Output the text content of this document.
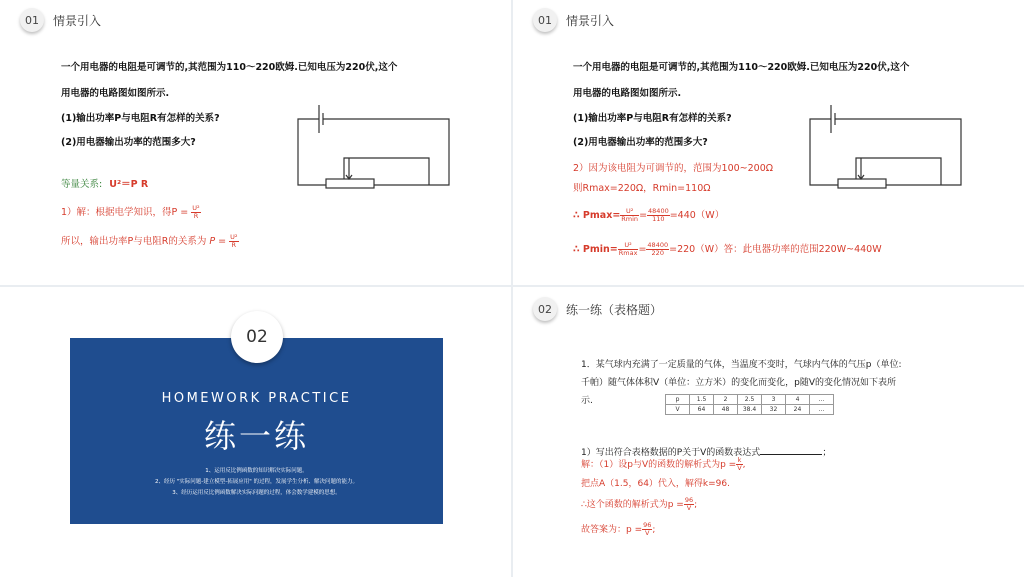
01	情景引入
一个用电器的电阻是可调节的,其范围为110～220欧姆.已知电压为220伏,这个
用电器的电路图如图所示.
(1)输出功率P与电阻R有怎样的关系?
(2)用电器输出功率的范围多大?
等量关系: U²＝P R
1）解：根据电学知识，得$P = \frac{\text{U²}}{R}$
所以，输出功率P与电阻R的关系为 $P = \frac{\text{U²}}{R}$
01	情景引入
一个用电器的电阻是可调节的,其范围为110～220欧姆.已知电压为220伏,这个
用电器的电路图如图所示.
(1)输出功率P与电阻R有怎样的关系?
(2)用电器输出功率的范围多大?
2）因为该电阻为可调节的，范围为100~200Ω
则Rmax=220Ω，Rmin=110Ω
∴ $Pmax= \frac{\text{U²}}{Rmin} = \frac{48400}{110} =440(W)$
∴ $Pmin= \frac{\text{U²}}{Rmax} = \frac{48400}{220} =220(W)$答：此电器功率的范围220W~440W
02
HOMEWORK PRACTICE
练一练
1、运用反比例函数的知识解决实际问题。
2、经历 "实际问题-建立模型-拓展应用" 的过程，发展学生分析、解决问题的能力。
3、经历运用反比例函数解决实际问题的过程，体会数学建模的思想。
02	练一练（表格题）
1．某气球内充满了一定质量的气体，当温度不变时，气球内气体的气压p（单位:
千帕）随气体体积V（单位：立方米）的变化而变化，p随V的变化情况如下表所
示.
1）写出符合表格数据的P关于V的函数表达式	；
解：（1）设p与V的函数的解析式为$p = \frac{k}{V}$ ,
把点A（1.5，64）代入，解得k=96.
∴这个函数的解析式为$p = \frac{96}{V}$ ;
故答案为：$p = \frac{96}{V}$ ;
p	1.5	2	2.5	3	4	…
V	64	48	38.4	32	24	…
